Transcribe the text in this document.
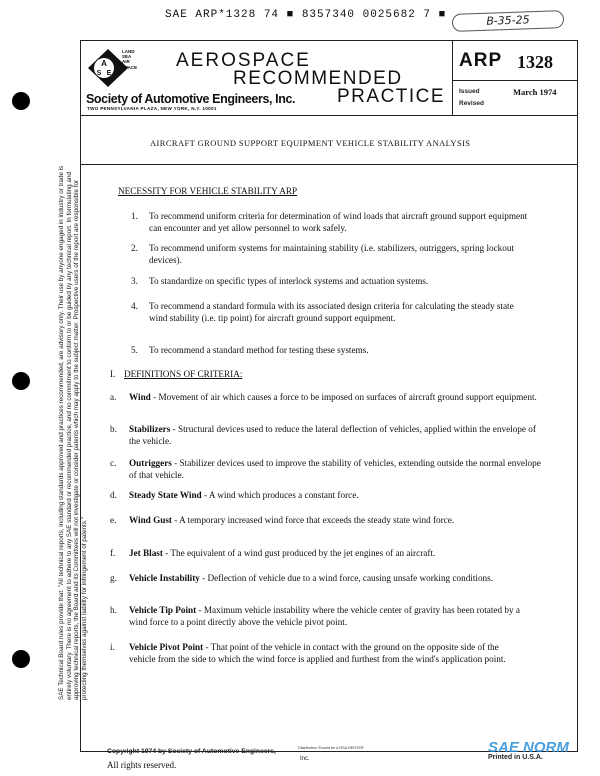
SAE ARP*1328 74 ■ 8357340 0025682 7 ■	B-35-25
SAE Technical Board rules provide that: "All technical reports, including standards approved and practices recommended, are advisory only. Their use by anyone engaged in industry or trade is entirely voluntary. There is no agreement to adhere to any SAE standard or recommended practice, and no commitment to conform to or be guided by any technical report. In formulating and approving technical reports, the Board and its Committees will not investigate or consider patents which may apply to the subject matter. Prospective users of the report are responsible for protecting themselves against liability for infringement of patents."
A
S E
LAND SEA AIR SPACE
Society of Automotive Engineers, Inc.
TWO PENNSYLVANIA PLAZA, NEW YORK, N.Y. 10001
AEROSPACE
RECOMMENDED
PRACTICE
ARP 1328
Issued	March 1974
Revised
AIRCRAFT GROUND SUPPORT EQUIPMENT VEHICLE STABILITY ANALYSIS
NECESSITY FOR VEHICLE STABILITY ARP
1. To recommend uniform criteria for determination of wind loads that aircraft ground support equipment can encounter and yet allow personnel to work safely.
2. To recommend uniform systems for maintaining stability (i.e. stabilizers, outriggers, spring lockout devices).
3. To standardize on specific types of interlock systems and actuation systems.
4. To recommend a standard formula with its associated design criteria for calculating the steady state wind stability (i.e. tip point) for aircraft ground support equipment.
5. To recommend a standard method for testing these systems.
I. DEFINITIONS OF CRITERIA:
a. Wind - Movement of air which causes a force to be imposed on surfaces of aircraft ground support equipment.
b. Stabilizers - Structural devices used to reduce the lateral deflection of vehicles, applied within the envelope of the vehicle.
c. Outriggers - Stabilizer devices used to improve the stability of vehicles, extending outside the normal envelope of that vehicle.
d. Steady State Wind - A wind which produces a constant force.
e. Wind Gust - A temporary increased wind force that exceeds the steady state wind force.
f. Jet Blast - The equivalent of a wind gust produced by the jet engines of an aircraft.
g. Vehicle Instability - Deflection of vehicle due to a wind force, causing unsafe working conditions.
h. Vehicle Tip Point - Maximum vehicle instability where the vehicle center of gravity has been rotated by a wind force to a point directly above the vehicle pivot point.
i. Vehicle Pivot Point - That point of the vehicle in contact with the ground on the opposite side of the vehicle from the side to which the wind force is applied and furthest from the wind's application point.
Copyright 1974 by Society of Automotive Engineers,
All rights reserved.
Distribution Should be a RSA RENTER
Inc.
SAE NORM
Printed in U.S.A.
